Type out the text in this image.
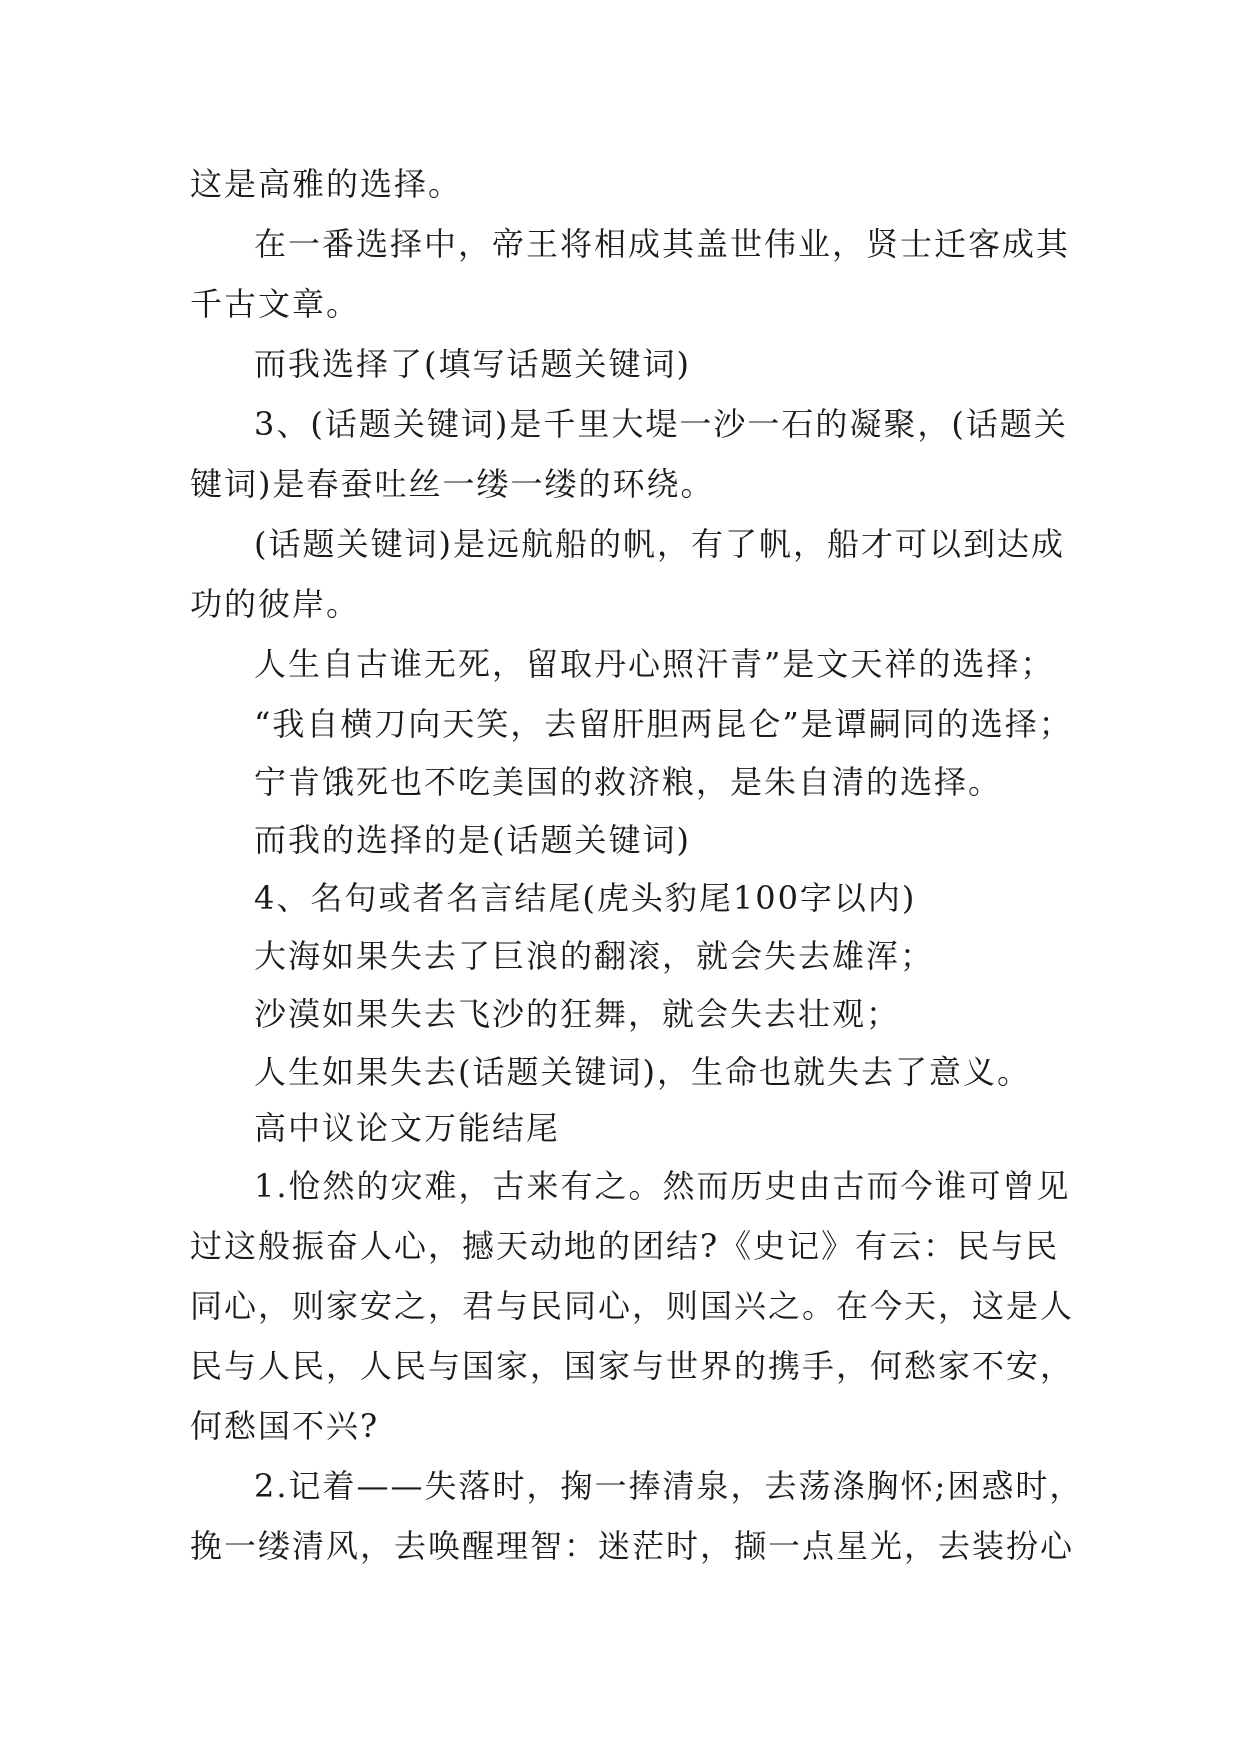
这是高雅的选择。
在一番选择中，帝王将相成其盖世伟业，贤士迁客成其
千古文章。
而我选择了(填写话题关键词)
3、(话题关键词)是千里大堤一沙一石的凝聚，(话题关
键词)是春蚕吐丝一缕一缕的环绕。
(话题关键词)是远航船的帆，有了帆，船才可以到达成
功的彼岸。
人生自古谁无死，留取丹心照汗青”是文天祥的选择；
“我自横刀向天笑，去留肝胆两昆仑”是谭嗣同的选择；
宁肯饿死也不吃美国的救济粮，是朱自清的选择。
而我的选择的是(话题关键词)
4、名句或者名言结尾(虎头豹尾100字以内)
大海如果失去了巨浪的翻滚，就会失去雄浑；
沙漠如果失去飞沙的狂舞，就会失去壮观；
人生如果失去(话题关键词)，生命也就失去了意义。
高中议论文万能结尾
1.怆然的灾难，古来有之。然而历史由古而今谁可曾见
过这般振奋人心，撼天动地的团结?《史记》有云：民与民
同心，则家安之，君与民同心，则国兴之。在今天，这是人
民与人民，人民与国家，国家与世界的携手，何愁家不安，
何愁国不兴?
2.记着——失落时，掬一捧清泉，去荡涤胸怀;困惑时，
挽一缕清风，去唤醒理智：迷茫时，撷一点星光，去装扮心
